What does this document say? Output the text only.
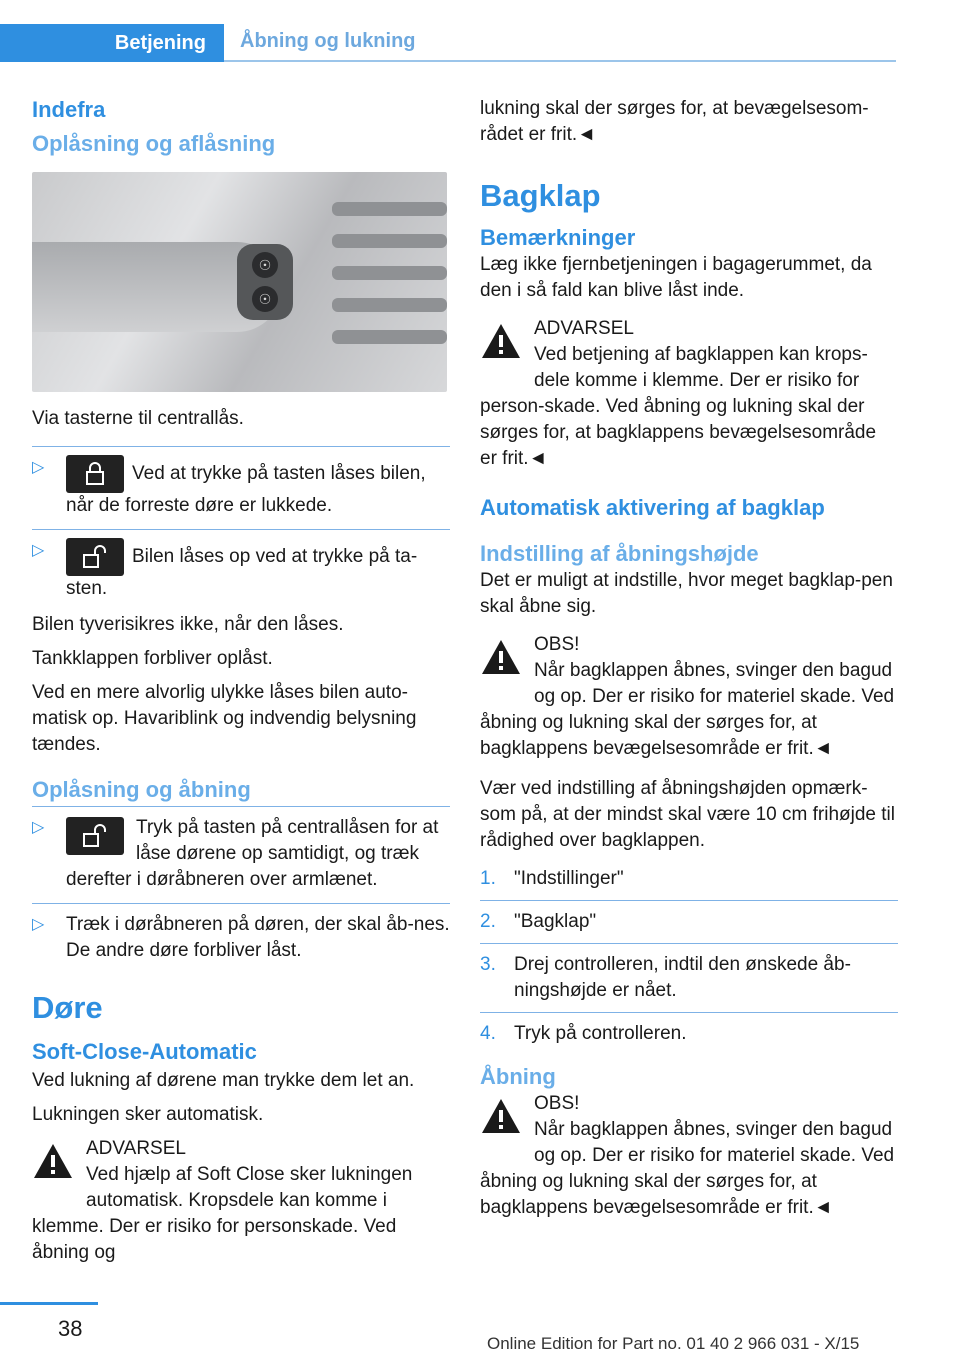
Betjening	Åbning og lukning
Indefra
Oplåsning og aflåsning
☉
☉

Via tasterne til centrallås.

▷	Ved at trykke på tasten låses bilen, når de forreste døre er lukkede.
▷	Bilen låses op ved at trykke på ta-sten.

Bilen tyverisikres ikke, når den låses.

Tankklappen forbliver oplåst.

Ved en mere alvorlig ulykke låses bilen auto-matisk op. Havariblink og indvendig belysning tændes.

Oplåsning og åbning
▷	Tryk på tasten på centrallåsen for at låse dørene op samtidigt, og træk derefter i døråbneren over armlænet.
▷	Træk i døråbneren på døren, der skal åb-nes. De andre døre forbliver låst.
Døre
Soft-Close-Automatic

Ved lukning af dørene man trykke dem let an.

Lukningen sker automatisk.

ADVARSEL
Ved hjælp af Soft Close sker lukningen automatisk. Kropsdele kan komme i klemme. Der er risiko for personskade. Ved åbning og

lukning skal der sørges for, at bevægelsesom-rådet er frit.◄

Bagklap
Bemærkninger

Læg ikke fjernbetjeningen i bagagerummet, da den i så fald kan blive låst inde.

ADVARSEL
Ved betjening af bagklappen kan krops-dele komme i klemme. Der er risiko for person-skade. Ved åbning og lukning skal der sørges for, at bagklappens bevægelsesområde er frit.◄
Automatisk aktivering af bagklap
Indstilling af åbningshøjde

Det er muligt at indstille, hvor meget bagklap-pen skal åbne sig.

OBS!
Når bagklappen åbnes, svinger den bagud og op. Der er risiko for materiel skade. Ved åbning og lukning skal der sørges for, at bagklappens bevægelsesområde er frit.◄

Vær ved indstilling af åbningshøjden opmærk-som på, at der mindst skal være 10 cm frihøjde til rådighed over bagklappen.

1. "Indstillinger"
2. "Bagklap"
3. Drej controlleren, indtil den ønskede åb-ningshøjde er nået.
4. Tryk på controlleren.
Åbning
OBS!
Når bagklappen åbnes, svinger den bagud og op. Der er risiko for materiel skade. Ved åbning og lukning skal der sørges for, at bagklappens bevægelsesområde er frit.◄
38
Online Edition for Part no. 01 40 2 966 031 - X/15
